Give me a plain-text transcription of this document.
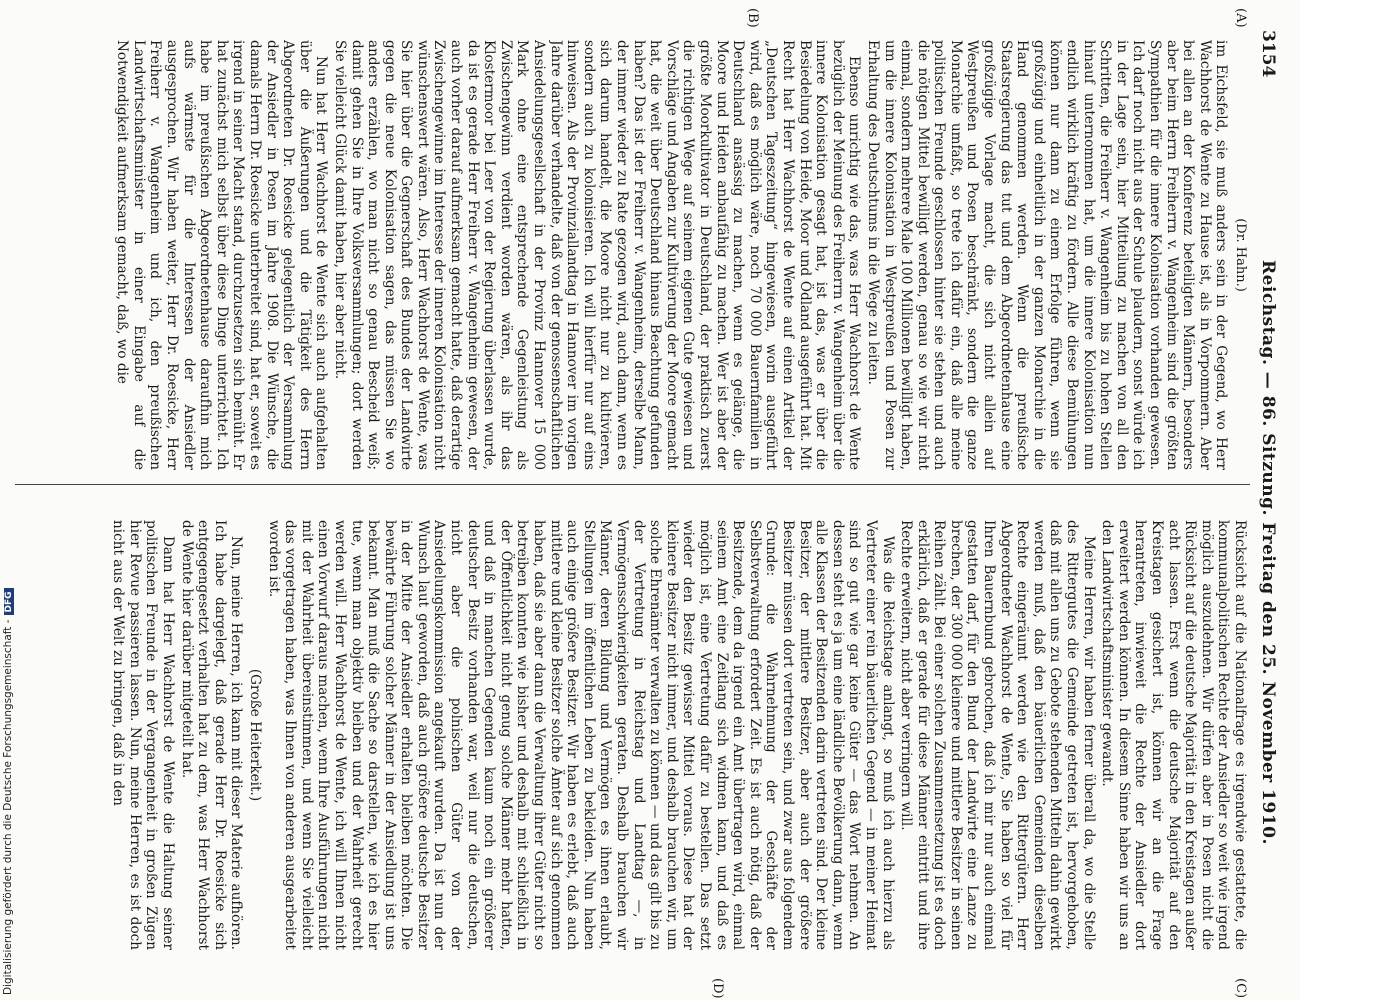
3154
Reichstag. — 86. Sitzung. Freitag den 25. November 1910.
(A)
(B)
(C)
(D)
(Dr. Hahn.)

im Eichsfeld, sie muß anders sein in der Gegend, wo Herr Wachhorst de Wente zu Hause ist, als in Vorpommern. Aber bei allen an der Konferenz beteiligten Männern, besonders aber beim Herrn Freiherrn v. Wangenheim sind die größten Sympathien für die innere Kolonisation vorhanden gewesen. Ich darf noch nicht aus der Schule plaudern, sonst würde ich in der Lage sein, hier Mitteilung zu machen von all den Schritten, die Freiherr v. Wangenheim bis zu hohen Stellen hinauf unternommen hat, um die innere Kolonisation nun endlich wirklich kräftig zu fördern. Alle diese Bemühungen können nur dann zu einem Erfolge führen, wenn sie großzügig und einheitlich in der ganzen Monarchie in die Hand genommen werden. Wenn die preußische Staatsregierung das tut und dem Abgeordnetenhause eine großzügige Vorlage macht, die sich nicht allein auf Westpreußen und Posen beschränkt, sondern die ganze Monarchie umfaßt, so trete ich dafür ein, daß alle meine politischen Freunde geschlossen hinter sie stehen und auch die nötigen Mittel bewilligt werden, genau so wie wir nicht einmal, sondern mehrere Male 100 Millionen bewilligt haben, um die innere Kolonisation in Westpreußen und Posen zur Erhaltung des Deutschtums in die Wege zu leiten.

Ebenso unrichtig wie das, was Herr Wachhorst de Wente bezüglich der Meinung des Freiherrn v. Wangenheim über die innere Kolonisation gesagt hat, ist das, was er über die Besiedelung von Heide, Moor und Ödland ausgeführt hat. Mit Recht hat Herr Wachhorst de Wente auf einen Artikel der „Deutschen Tageszeitung“ hingewiesen, worin ausgeführt wird, daß es möglich wäre, noch 70 000 Bauernfamilien in Deutschland ansässig zu machen, wenn es gelänge, die Moore und Heiden anbaufähig zu machen. Wer ist aber der größte Moorkultivator in Deutschland, der praktisch zuerst die richtigen Wege auf seinem eigenen Gute gewiesen und Vorschläge und Angaben zur Kultivierung der Moore gemacht hat, die weit über Deutschland hinaus Beachtung gefunden haben? Das ist der Freiherr v. Wangenheim, derselbe Mann, der immer wieder zu Rate gezogen wird, auch dann, wenn es sich darum handelt, die Moore nicht nur zu kultivieren, sondern auch zu kolonisieren. Ich will hierfür nur auf eins hinweisen. Als der Provinziallandtag in Hannover im vorigen Jahre darüber verhandelte, daß von der genossenschaftlichen Ansiedelungsgesellschaft in der Provinz Hannover 15 000 Mark ohne eine entsprechende Gegenleistung als Zwischengewinn verdient worden wären, als ihr das Klostermoor bei Leer von der Regierung überlassen wurde, da ist es gerade Herr Freiherr v. Wangenheim gewesen, der auch vorher darauf aufmerksam gemacht hatte, daß derartige Zwischengewinne im Interesse der inneren Kolonisation nicht wünschenswert wären. Also, Herr Wachhorst de Wente, was Sie hier über die Gegnerschaft des Bundes der Landwirte gegen die neue Kolonisation sagen, das müssen Sie wo anders erzählen, wo man nicht so genau Bescheid weiß; damit gehen Sie in Ihre Volksversammlungen; dort werden Sie vielleicht Glück damit haben, hier aber nicht.

Nun hat Herr Wachhorst de Wente sich auch aufgehalten über die Äußerungen und die Tätigkeit des Herrn Abgeordneten Dr. Roesicke gelegentlich der Versammlung der Ansiedler in Posen im Jahre 1908. Die Wünsche, die damals Herrn Dr. Roesicke unterbreitet sind, hat er, soweit es irgend in seiner Macht stand, durchzusetzen sich bemüht. Er hat zunächst mich selbst über diese Dinge unterrichtet. Ich habe im preußischen Abgeordnetenhause daraufhin mich aufs wärmste für die Interessen der Ansiedler ausgesprochen. Wir haben weiter, Herr Dr. Roesicke, Herr Freiherr v. Wangenheim und ich, den preußischen Landwirtschaftsminister in einer Eingabe auf die Notwendigkeit aufmerksam gemacht, daß, wo die

Rücksicht auf die Nationalfrage es irgendwie gestattete, die kommunalpolitischen Rechte der Ansiedler so weit wie irgend möglich auszudehnen. Wir dürfen aber in Posen nicht die Rücksicht auf die deutsche Majorität in den Kreistagen außer acht lassen. Erst wenn die deutsche Majorität auf den Kreistagen gesichert ist, können wir an die Frage herantreten, inwieweit die Rechte der Ansiedler dort erweitert werden können. In diesem Sinne haben wir uns an den Landwirtschaftsminister gewandt.

Meine Herren, wir haben ferner überall da, wo die Stelle des Rittergutes die Gemeinde getreten ist, hervorgehoben, daß mit allen uns zu Gebote stehenden Mitteln dahin gewirkt werden muß, daß den bäuerlichen Gemeinden dieselben Rechte eingeräumt werden wie den Rittergütern. Herr Abgeordneter Wachhorst de Wente, Sie haben so viel für Ihren Bauernbund gebrochen, daß ich mir nur auch einmal gestatten darf, für den Bund der Landwirte eine Lanze zu brechen, der 300 000 kleinere und mittlere Besitzer in seinen Reihen zählt. Bei einer solchen Zusammensetzung ist es doch erklärlich, daß er gerade für diese Männer eintritt und ihre Rechte erweitern, nicht aber verringern will.

Was die Reichstage anlangt, so muß ich auch hierzu als Vertreter einer rein bäuerlichen Gegend — in meiner Heimat sind so gut wie gar keine Güter — das Wort nehmen. An dessen steht es ja um eine ländliche Bevölkerung dann, wenn alle Klassen der Besitzenden darin vertreten sind. Der kleine Besitzer, der mittlere Besitzer, aber auch der größere Besitzer müssen dort vertreten sein, und zwar aus folgendem Grunde: die Wahrnehmung der Geschäfte der Selbstverwaltung erfordert Zeit. Es ist auch nötig, daß der Besitzende, dem da irgend ein Amt übertragen wird, einmal seinem Amt eine Zeitlang sich widmen kann, und daß es möglich ist, eine Vertretung dafür zu bestellen. Das setzt wieder den Besitz gewisser Mittel voraus. Diese hat der kleinere Besitzer nicht immer, und deshalb brauchen wir, um solche Ehrenämter verwalten zu können — und das gilt bis zu der Vertretung in Reichstag und Landtag —, in Vermögensschwierigkeiten geraten. Deshalb brauchen wir Männer, deren Bildung und Vermögen es ihnen erlaubt, Stellungen im öffentlichen Leben zu bekleiden. Nun haben auch einige größere Besitzer. Wir haben es erlebt, daß auch mittlere und kleine Besitzer solche Ämter auf sich genommen haben, daß sie aber dann die Verwaltung ihrer Güter nicht so betreiben konnten wie bisher und deshalb mit schließlich in der Öffentlichkeit nicht genug solche Männer mehr hatten, und daß in manchen Gegenden kaum noch ein größerer deutscher Besitz vorhanden war, weil nur die deutschen, nicht aber die polnischen Güter von der Ansiedelungskommission angekauft wurden. Da ist nun der Wunsch laut geworden, daß auch größere deutsche Besitzer in der Mitte der Ansiedler erhalten bleiben möchten. Die bewährte Führung solcher Männer in der Ansiedlung ist uns bekannt. Man muß die Sache so darstellen, wie ich es hier tue, wenn man objektiv bleiben und der Wahrheit gerecht werden will. Herr Wachhorst de Wente, ich will Ihnen nicht einen Vorwurf daraus machen, wenn Ihre Ausführungen nicht mit der Wahrheit übereinstimmen, und wenn Sie vielleicht das vorgetragen haben, was Ihnen von anderen ausgearbeitet worden ist.

(Große Heiterkeit.)

Nun, meine Herren, ich kann mit dieser Materie aufhören. Ich habe dargelegt, daß gerade Herr Dr. Roesicke sich entgegengesetzt verhalten hat zu dem, was Herr Wachhorst de Wente hier darüber mitgeteilt hat.

Dann hat Herr Wachhorst de Wente die Haltung seiner politischen Freunde in der Vergangenheit in großen Zügen hier Revue passieren lassen. Nun, meine Herren, es ist doch nicht aus der Welt zu bringen, daß in den

Digitalisierung gefördert durch die Deutsche Forschungsgemeinschaft -DFG
